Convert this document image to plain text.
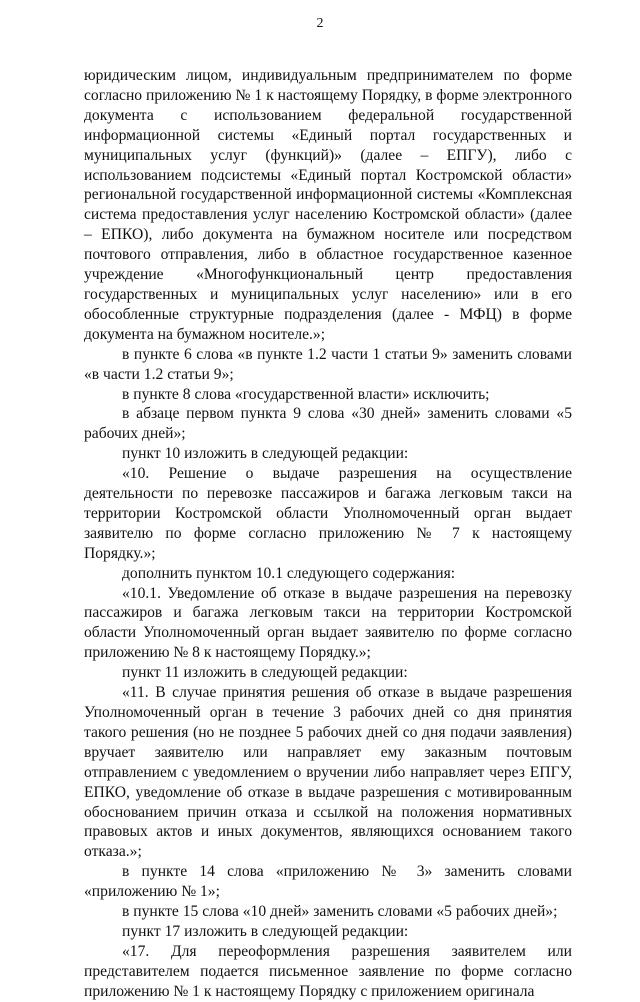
2

юридическим лицом, индивидуальным предпринимателем по форме согласно приложению № 1 к настоящему Порядку, в форме электронного документа с использованием федеральной государственной информационной системы «Единый портал государственных и муниципальных услуг (функций)» (далее – ЕПГУ), либо с использованием подсистемы «Единый портал Костромской области» региональной государственной информационной системы «Комплексная система предоставления услуг населению Костромской области» (далее – ЕПКО), либо документа на бумажном носителе или посредством почтового отправления, либо в областное государственное казенное учреждение «Многофункциональный центр предоставления государственных и муниципальных услуг населению» или в его обособленные структурные подразделения (далее - МФЦ) в форме документа на бумажном носителе.»;

в пункте 6 слова «в пункте 1.2 части 1 статьи 9» заменить словами «в части 1.2 статьи 9»;

в пункте 8 слова «государственной власти» исключить;

в абзаце первом пункта 9 слова «30 дней» заменить словами «5 рабочих дней»;

пункт 10 изложить в следующей редакции:

«10. Решение о выдаче разрешения на осуществление деятельности по перевозке пассажиров и багажа легковым такси на территории Костромской области Уполномоченный орган выдает заявителю по форме согласно приложению № 7 к настоящему Порядку.»;

дополнить пунктом 10.1 следующего содержания:

«10.1. Уведомление об отказе в выдаче разрешения на перевозку пассажиров и багажа легковым такси на территории Костромской области Уполномоченный орган выдает заявителю по форме согласно приложению № 8 к настоящему Порядку.»;

пункт 11 изложить в следующей редакции:

«11. В случае принятия решения об отказе в выдаче разрешения Уполномоченный орган в течение 3 рабочих дней со дня принятия такого решения (но не позднее 5 рабочих дней со дня подачи заявления) вручает заявителю или направляет ему заказным почтовым отправлением с уведомлением о вручении либо направляет через ЕПГУ, ЕПКО, уведомление об отказе в выдаче разрешения с мотивированным обоснованием причин отказа и ссылкой на положения нормативных правовых актов и иных документов, являющихся основанием такого отказа.»;

в пункте 14 слова «приложению № 3» заменить словами «приложению № 1»;

в пункте 15 слова «10 дней» заменить словами «5 рабочих дней»;

пункт 17 изложить в следующей редакции:

«17. Для переоформления разрешения заявителем или представителем подается письменное заявление по форме согласно приложению № 1 к настоящему Порядку с приложением оригинала
